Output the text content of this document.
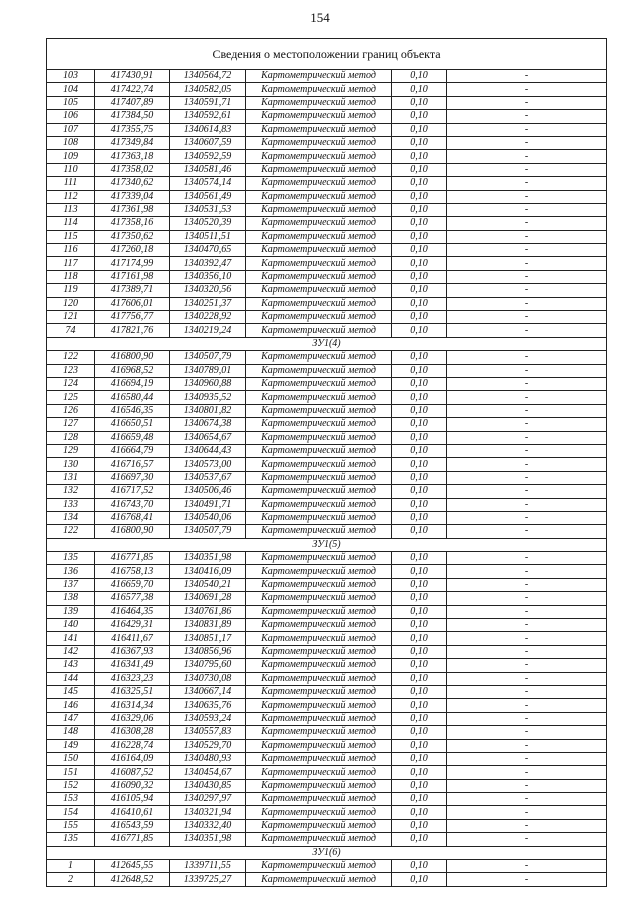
154
Сведения о местоположении границ объекта					
103	417430,91	1340564,72	Картометрический метод	0,10	-
104	417422,74	1340582,05	Картометрический метод	0,10	-
105	417407,89	1340591,71	Картометрический метод	0,10	-
106	417384,50	1340592,61	Картометрический метод	0,10	-
107	417355,75	1340614,83	Картометрический метод	0,10	-
108	417349,84	1340607,59	Картометрический метод	0,10	-
109	417363,18	1340592,59	Картометрический метод	0,10	-
110	417358,02	1340581,46	Картометрический метод	0,10	-
111	417340,62	1340574,14	Картометрический метод	0,10	-
112	417339,04	1340561,49	Картометрический метод	0,10	-
113	417361,98	1340531,53	Картометрический метод	0,10	-
114	417358,16	1340520,39	Картометрический метод	0,10	-
115	417350,62	1340511,51	Картометрический метод	0,10	-
116	417260,18	1340470,65	Картометрический метод	0,10	-
117	417174,99	1340392,47	Картометрический метод	0,10	-
118	417161,98	1340356,10	Картометрический метод	0,10	-
119	417389,71	1340320,56	Картометрический метод	0,10	-
120	417606,01	1340251,37	Картометрический метод	0,10	-
121	417756,77	1340228,92	Картометрический метод	0,10	-
74	417821,76	1340219,24	Картометрический метод	0,10	-
ЗУ1(4)					
122	416800,90	1340507,79	Картометрический метод	0,10	-
123	416968,52	1340789,01	Картометрический метод	0,10	-
124	416694,19	1340960,88	Картометрический метод	0,10	-
125	416580,44	1340935,52	Картометрический метод	0,10	-
126	416546,35	1340801,82	Картометрический метод	0,10	-
127	416650,51	1340674,38	Картометрический метод	0,10	-
128	416659,48	1340654,67	Картометрический метод	0,10	-
129	416664,79	1340644,43	Картометрический метод	0,10	-
130	416716,57	1340573,00	Картометрический метод	0,10	-
131	416697,30	1340537,67	Картометрический метод	0,10	-
132	416717,52	1340506,46	Картометрический метод	0,10	-
133	416743,70	1340491,71	Картометрический метод	0,10	-
134	416768,41	1340540,06	Картометрический метод	0,10	-
122	416800,90	1340507,79	Картометрический метод	0,10	-
ЗУ1(5)					
135	416771,85	1340351,98	Картометрический метод	0,10	-
136	416758,13	1340416,09	Картометрический метод	0,10	-
137	416659,70	1340540,21	Картометрический метод	0,10	-
138	416577,38	1340691,28	Картометрический метод	0,10	-
139	416464,35	1340761,86	Картометрический метод	0,10	-
140	416429,31	1340831,89	Картометрический метод	0,10	-
141	416411,67	1340851,17	Картометрический метод	0,10	-
142	416367,93	1340856,96	Картометрический метод	0,10	-
143	416341,49	1340795,60	Картометрический метод	0,10	-
144	416323,23	1340730,08	Картометрический метод	0,10	-
145	416325,51	1340667,14	Картометрический метод	0,10	-
146	416314,34	1340635,76	Картометрический метод	0,10	-
147	416329,06	1340593,24	Картометрический метод	0,10	-
148	416308,28	1340557,83	Картометрический метод	0,10	-
149	416228,74	1340529,70	Картометрический метод	0,10	-
150	416164,09	1340480,93	Картометрический метод	0,10	-
151	416087,52	1340454,67	Картометрический метод	0,10	-
152	416090,32	1340430,85	Картометрический метод	0,10	-
153	416105,94	1340297,97	Картометрический метод	0,10	-
154	416410,61	1340321,94	Картометрический метод	0,10	-
155	416543,59	1340332,40	Картометрический метод	0,10	-
135	416771,85	1340351,98	Картометрический метод	0,10	-
ЗУ1(6)					
1	412645,55	1339711,55	Картометрический метод	0,10	-
2	412648,52	1339725,27	Картометрический метод	0,10	-
